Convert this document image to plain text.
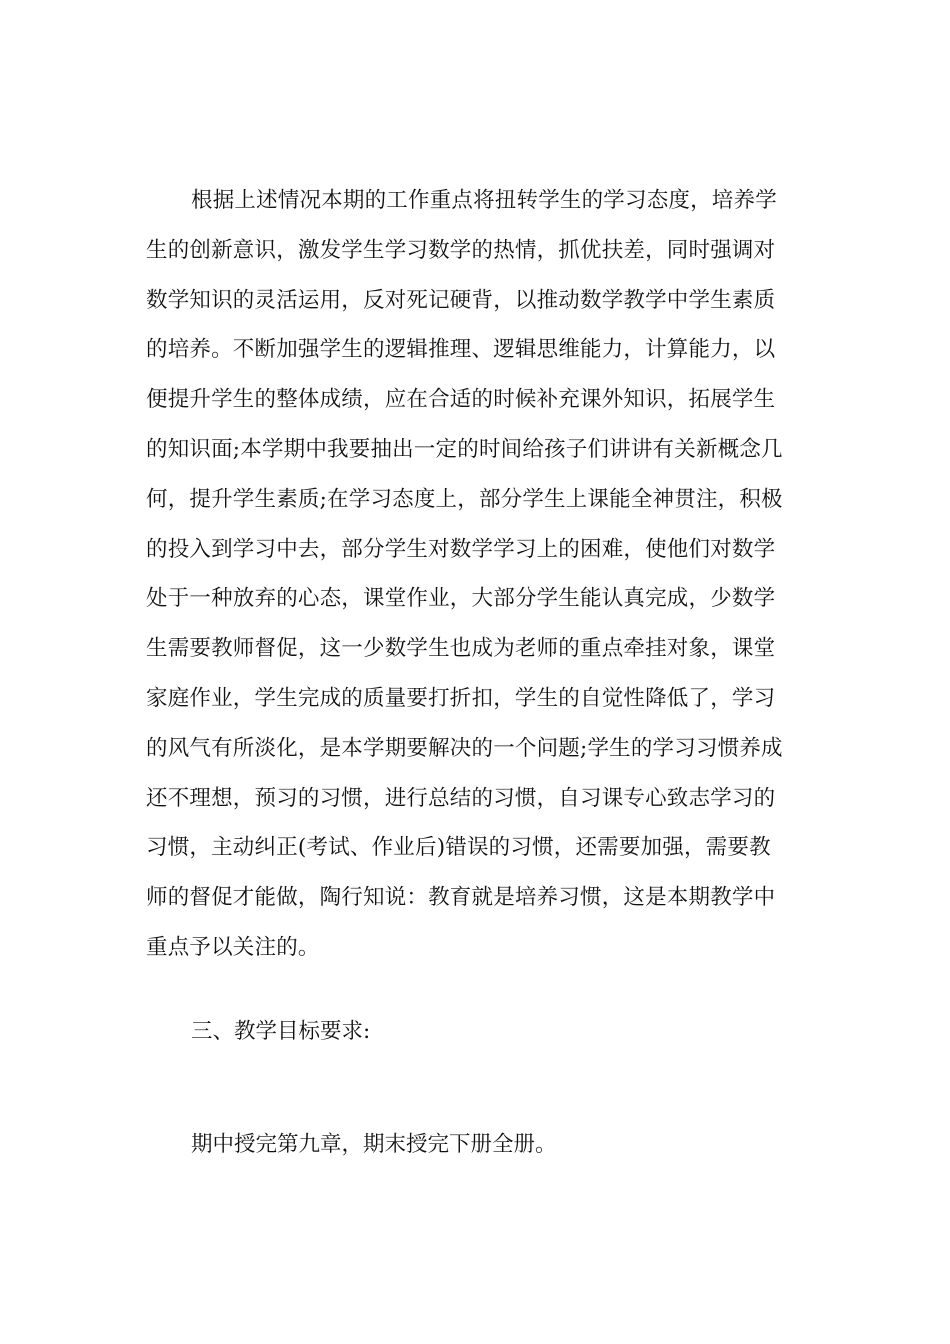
根据上述情况本期的工作重点将扭转学生的学习态度，培养学
生的创新意识，激发学生学习数学的热情，抓优扶差，同时强调对
数学知识的灵活运用，反对死记硬背，以推动数学教学中学生素质
的培养。不断加强学生的逻辑推理、逻辑思维能力，计算能力，以
便提升学生的整体成绩，应在合适的时候补充课外知识，拓展学生
的知识面;本学期中我要抽出一定的时间给孩子们讲讲有关新概念几
何，提升学生素质;在学习态度上，部分学生上课能全神贯注，积极
的投入到学习中去，部分学生对数学学习上的困难，使他们对数学
处于一种放弃的心态，课堂作业，大部分学生能认真完成，少数学
生需要教师督促，这一少数学生也成为老师的重点牵挂对象，课堂
家庭作业，学生完成的质量要打折扣，学生的自觉性降低了，学习
的风气有所淡化，是本学期要解决的一个问题;学生的学习习惯养成
还不理想，预习的习惯，进行总结的习惯，自习课专心致志学习的
习惯，主动纠正(考试、作业后)错误的习惯，还需要加强，需要教
师的督促才能做，陶行知说：教育就是培养习惯，这是本期教学中
重点予以关注的。

三、教学目标要求:

期中授完第九章，期末授完下册全册。
